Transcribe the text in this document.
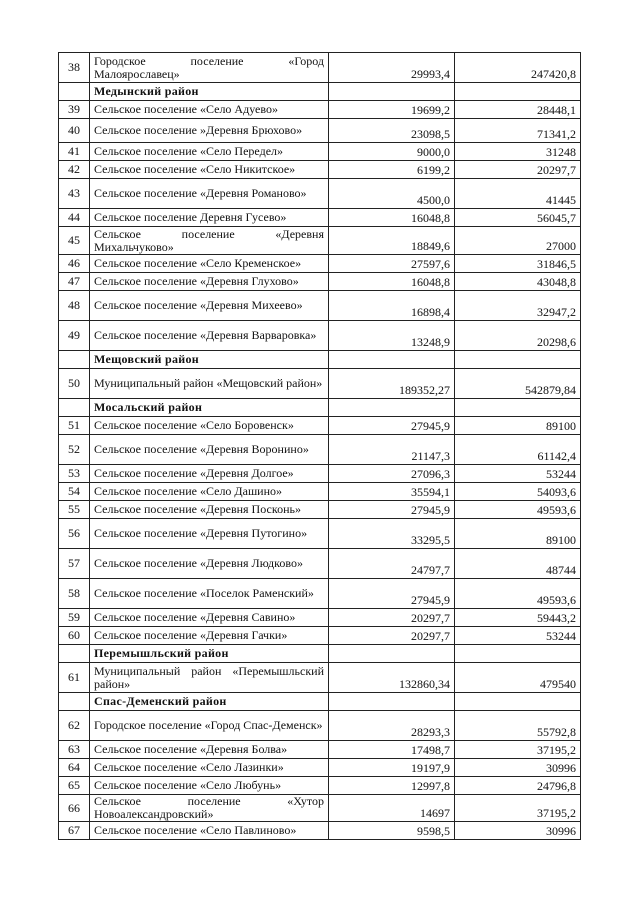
38	Городское поселение «Город Малоярославец»	29993,4	247420,8
	Медынский район		
39	Сельское поселение «Село Адуево»	19699,2	28448,1
40	Сельское поселение »Деревня Брюхово»	23098,5	71341,2
41	Сельское поселение «Село Передел»	9000,0	31248
42	Сельское поселение «Село Никитское»	6199,2	20297,7
43	Сельское поселение «Деревня Романово»	4500,0	41445
44	Сельское поселение Деревня Гусево»	16048,8	56045,7
45	Сельское поселение «Деревня Михальчуково»	18849,6	27000
46	Сельское поселение «Село Кременское»	27597,6	31846,5
47	Сельское поселение «Деревня Глухово»	16048,8	43048,8
48	Сельское поселение «Деревня Михеево»	16898,4	32947,2
49	Сельское поселение «Деревня Варваровка»	13248,9	20298,6
	Мещовский район		
50	Муниципальный район «Мещовский район»	189352,27	542879,84
	Мосальский район		
51	Сельское поселение «Село Боровенск»	27945,9	89100
52	Сельское поселение «Деревня Воронино»	21147,3	61142,4
53	Сельское поселение «Деревня Долгое»	27096,3	53244
54	Сельское поселение «Село Дашино»	35594,1	54093,6
55	Сельское поселение «Деревня Посконь»	27945,9	49593,6
56	Сельское поселение «Деревня Путогино»	33295,5	89100
57	Сельское поселение «Деревня Людково»	24797,7	48744
58	Сельское поселение «Поселок Раменский»	27945,9	49593,6
59	Сельское поселение «Деревня Савино»	20297,7	59443,2
60	Сельское поселение «Деревня Гачки»	20297,7	53244
	Перемышльский район		
61	Муниципальный район «Перемышльский район»	132860,34	479540
	Спас-Деменский район		
62	Городское поселение «Город Спас-Деменск»	28293,3	55792,8
63	Сельское поселение «Деревня Болва»	17498,7	37195,2
64	Сельское поселение «Село Лазинки»	19197,9	30996
65	Сельское поселение «Село Любунь»	12997,8	24796,8
66	Сельское поселение «Хутор Новоалександровский»	14697	37195,2
67	Сельское поселение «Село Павлиново»	9598,5	30996
